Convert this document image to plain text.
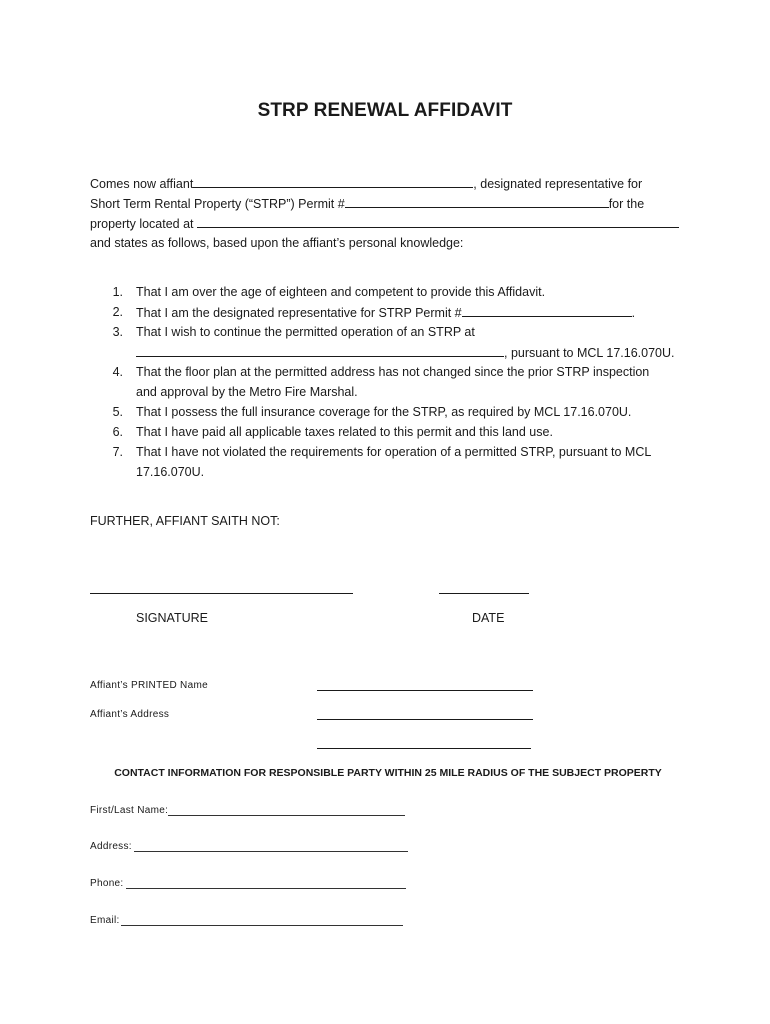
STRP RENEWAL AFFIDAVIT
Comes now affiant	, designated representative for
Short Term Rental Property (“STRP”) Permit #	for the
property located at
and states as follows, based upon the affiant’s personal knowledge:
1. That I am over the age of eighteen and competent to provide this Affidavit.
2. That I am the designated representative for STRP Permit #	.
3. That I wish to continue the permitted operation of an STRP at
, pursuant to MCL 17.16.070U.
4. That the floor plan at the permitted address has not changed since the prior STRP inspection
and approval by the Metro Fire Marshal.
5. That I possess the full insurance coverage for the STRP, as required by MCL 17.16.070U.
6. That I have paid all applicable taxes related to this permit and this land use.
7. That I have not violated the requirements for operation of a permitted STRP, pursuant to MCL
17.16.070U.
FURTHER, AFFIANT SAITH NOT:
SIGNATURE	DATE
Affiant’s PRINTED Name
Affiant’s Address
CONTACT INFORMATION FOR RESPONSIBLE PARTY WITHIN 25 MILE RADIUS OF THE SUBJECT PROPERTY
First/Last Name:
Address:
Phone:
Email:
